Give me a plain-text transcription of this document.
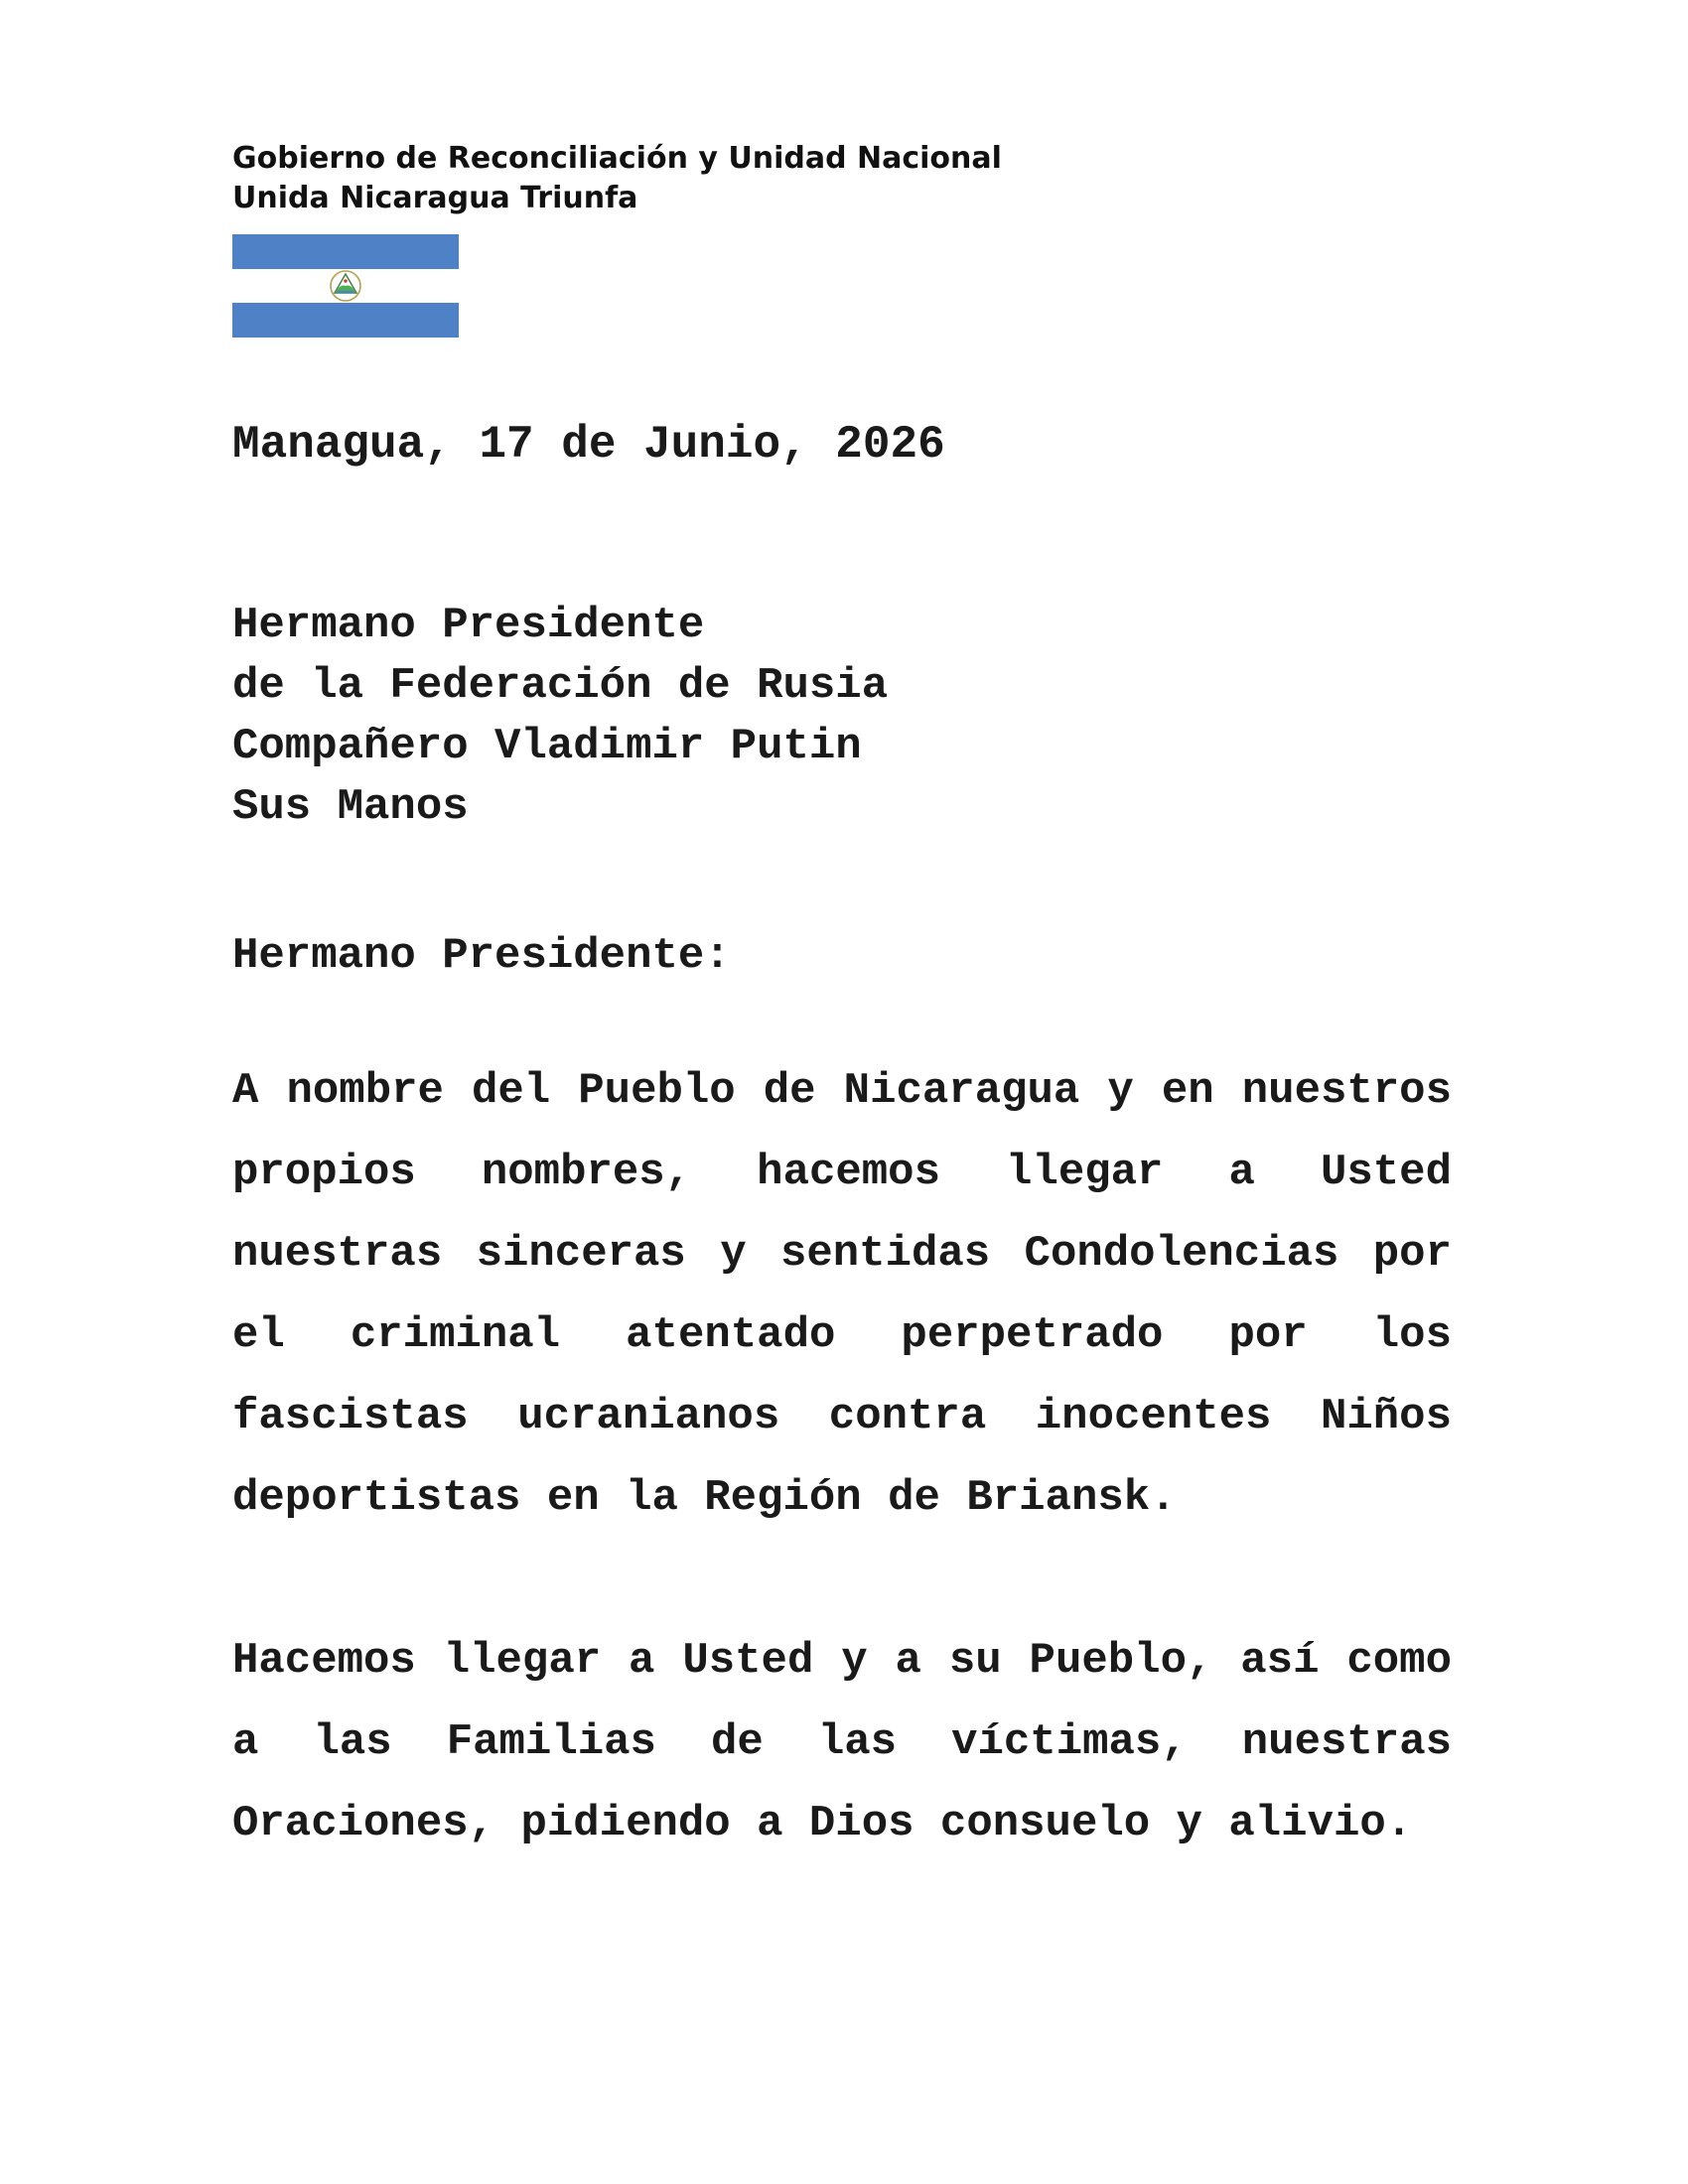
Gobierno de Reconciliación y Unidad Nacional
Unida Nicaragua Triunfa
Managua, 17 de Junio, 2026
Hermano Presidente
de la Federación de Rusia
Compañero Vladimir Putin
Sus Manos
Hermano Presidente:
A nombre del Pueblo de Nicaragua y en nuestros propios nombres, hacemos llegar a Usted nuestras sinceras y sentidas Condolencias por el criminal atentado perpetrado por los fascistas ucranianos contra inocentes Niños deportistas en la Región de Briansk.
Hacemos llegar a Usted y a su Pueblo, así como a las Familias de las víctimas, nuestras Oraciones, pidiendo a Dios consuelo y alivio.
